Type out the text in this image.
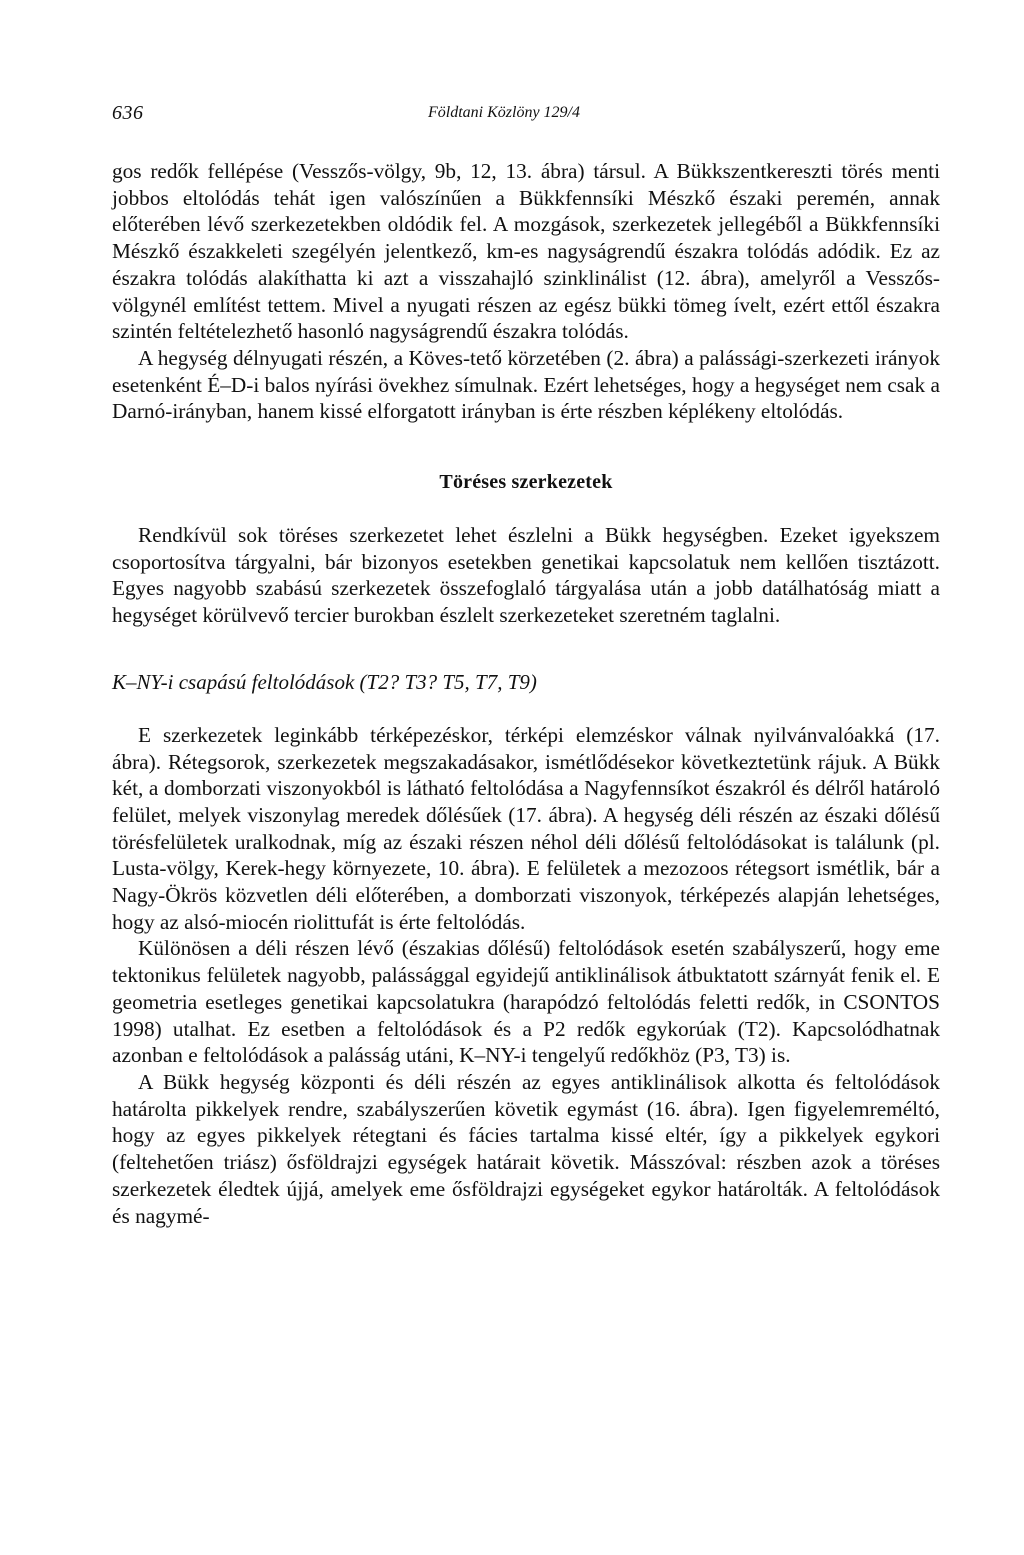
636	Földtani Közlöny 129/4

gos redők fellépése (Vesszős-völgy, 9b, 12, 13. ábra) társul. A Bükkszentkereszti törés menti jobbos eltolódás tehát igen valószínűen a Bükkfennsíki Mészkő északi peremén, annak előterében lévő szerkezetekben oldódik fel. A mozgások, szerkezetek jellegéből a Bükkfennsíki Mészkő északkeleti szegélyén jelentkező, km-es nagyságrendű északra tolódás adódik. Ez az északra tolódás alakíthatta ki azt a visszahajló szinklinálist (12. ábra), amelyről a Vesszős-völgynél említést tettem. Mivel a nyugati részen az egész bükki tömeg ívelt, ezért ettől északra szintén feltételezhető hasonló nagyságrendű északra tolódás.

A hegység délnyugati részén, a Köves-tető körzetében (2. ábra) a palássági-szerkezeti irányok esetenként É–D-i balos nyírási övekhez símulnak. Ezért lehetséges, hogy a hegységet nem csak a Darnó-irányban, hanem kissé elforgatott irányban is érte részben képlékeny eltolódás.

Töréses szerkezetek

Rendkívül sok töréses szerkezetet lehet észlelni a Bükk hegységben. Ezeket igyekszem csoportosítva tárgyalni, bár bizonyos esetekben genetikai kapcsolatuk nem kellően tisztázott. Egyes nagyobb szabású szerkezetek összefoglaló tárgyalása után a jobb datálhatóság miatt a hegységet körülvevő tercier burokban észlelt szerkezeteket szeretném taglalni.

K–NY-i csapású feltolódások (T2? T3? T5, T7, T9)

E szerkezetek leginkább térképezéskor, térképi elemzéskor válnak nyilvánvalóakká (17. ábra). Rétegsorok, szerkezetek megszakadásakor, ismétlődésekor következtetünk rájuk. A Bükk két, a domborzati viszonyokból is látható feltolódása a Nagyfennsíkot északról és délről határoló felület, melyek viszonylag meredek dőlésűek (17. ábra). A hegység déli részén az északi dőlésű törésfelületek uralkodnak, míg az északi részen néhol déli dőlésű feltolódásokat is találunk (pl. Lusta-völgy, Kerek-hegy környezete, 10. ábra). E felületek a mezozoos rétegsort ismétlik, bár a Nagy-Ökrös közvetlen déli előterében, a domborzati viszonyok, térképezés alapján lehetséges, hogy az alsó-miocén riolittufát is érte feltolódás.

Különösen a déli részen lévő (északias dőlésű) feltolódások esetén szabályszerű, hogy eme tektonikus felületek nagyobb, palássággal egyidejű antiklinálisok átbuktatott szárnyát fenik el. E geometria esetleges genetikai kapcsolatukra (harapódzó feltolódás feletti redők, in CSONTOS 1998) utalhat. Ez esetben a feltolódások és a P2 redők egykorúak (T2). Kapcsolódhatnak azonban e feltolódások a palásság utáni, K–NY-i tengelyű redőkhöz (P3, T3) is.

A Bükk hegység központi és déli részén az egyes antiklinálisok alkotta és feltolódások határolta pikkelyek rendre, szabályszerűen követik egymást (16. ábra). Igen figyelemreméltó, hogy az egyes pikkelyek rétegtani és fácies tartalma kissé eltér, így a pikkelyek egykori (feltehetően triász) ősföldrajzi egységek határait követik. Másszóval: részben azok a töréses szerkezetek éledtek újjá, amelyek eme ősföldrajzi egységeket egykor határolták. A feltolódások és nagymé-
